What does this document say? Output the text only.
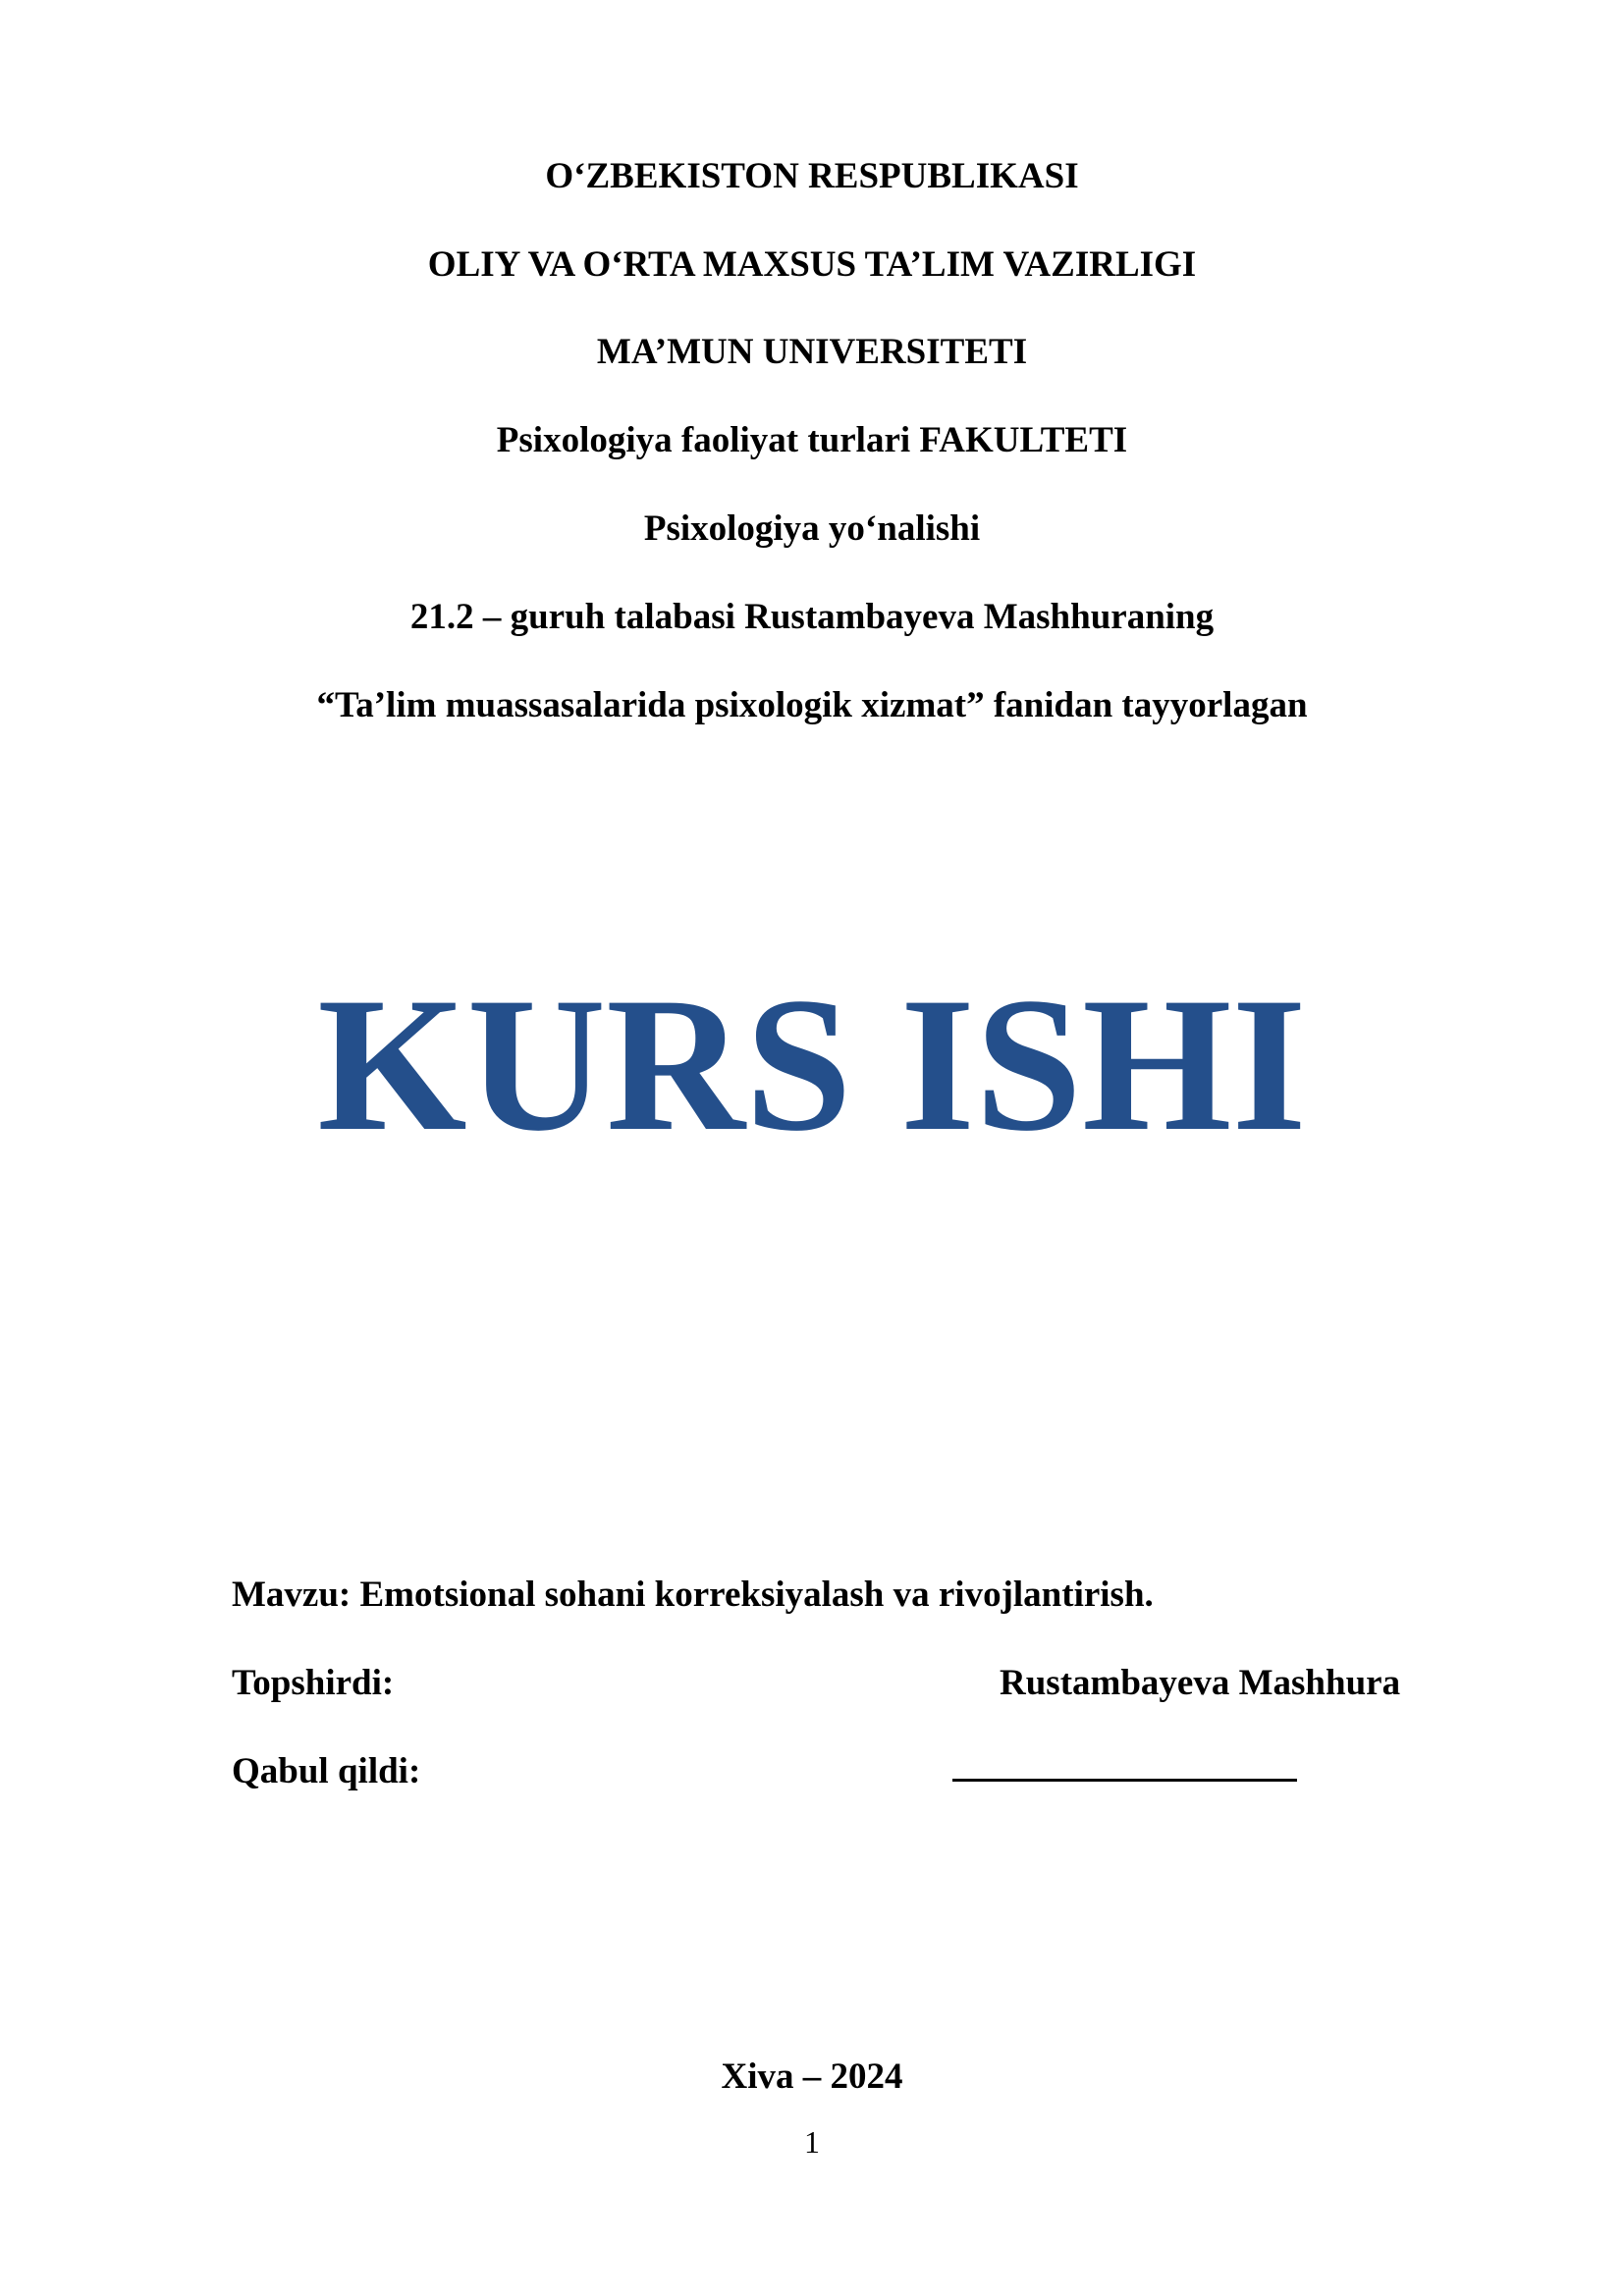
O‘ZBEKISTON RESPUBLIKASI
OLIY VA O‘RTA MAXSUS TA’LIM VAZIRLIGI
MA’MUN UNIVERSITETI
Psixologiya faoliyat turlari FAKULTETI
Psixologiya yo‘nalishi
21.2 – guruh talabasi Rustambayeva Mashhuraning
“Ta’lim muassasalarida psixologik xizmat” fanidan tayyorlagan
KURS ISHI
Mavzu: Emotsional sohani korreksiyalash va rivojlantirish.
Topshirdi:	Rustambayeva Mashhura
Qabul qildi:
Xiva – 2024
1
